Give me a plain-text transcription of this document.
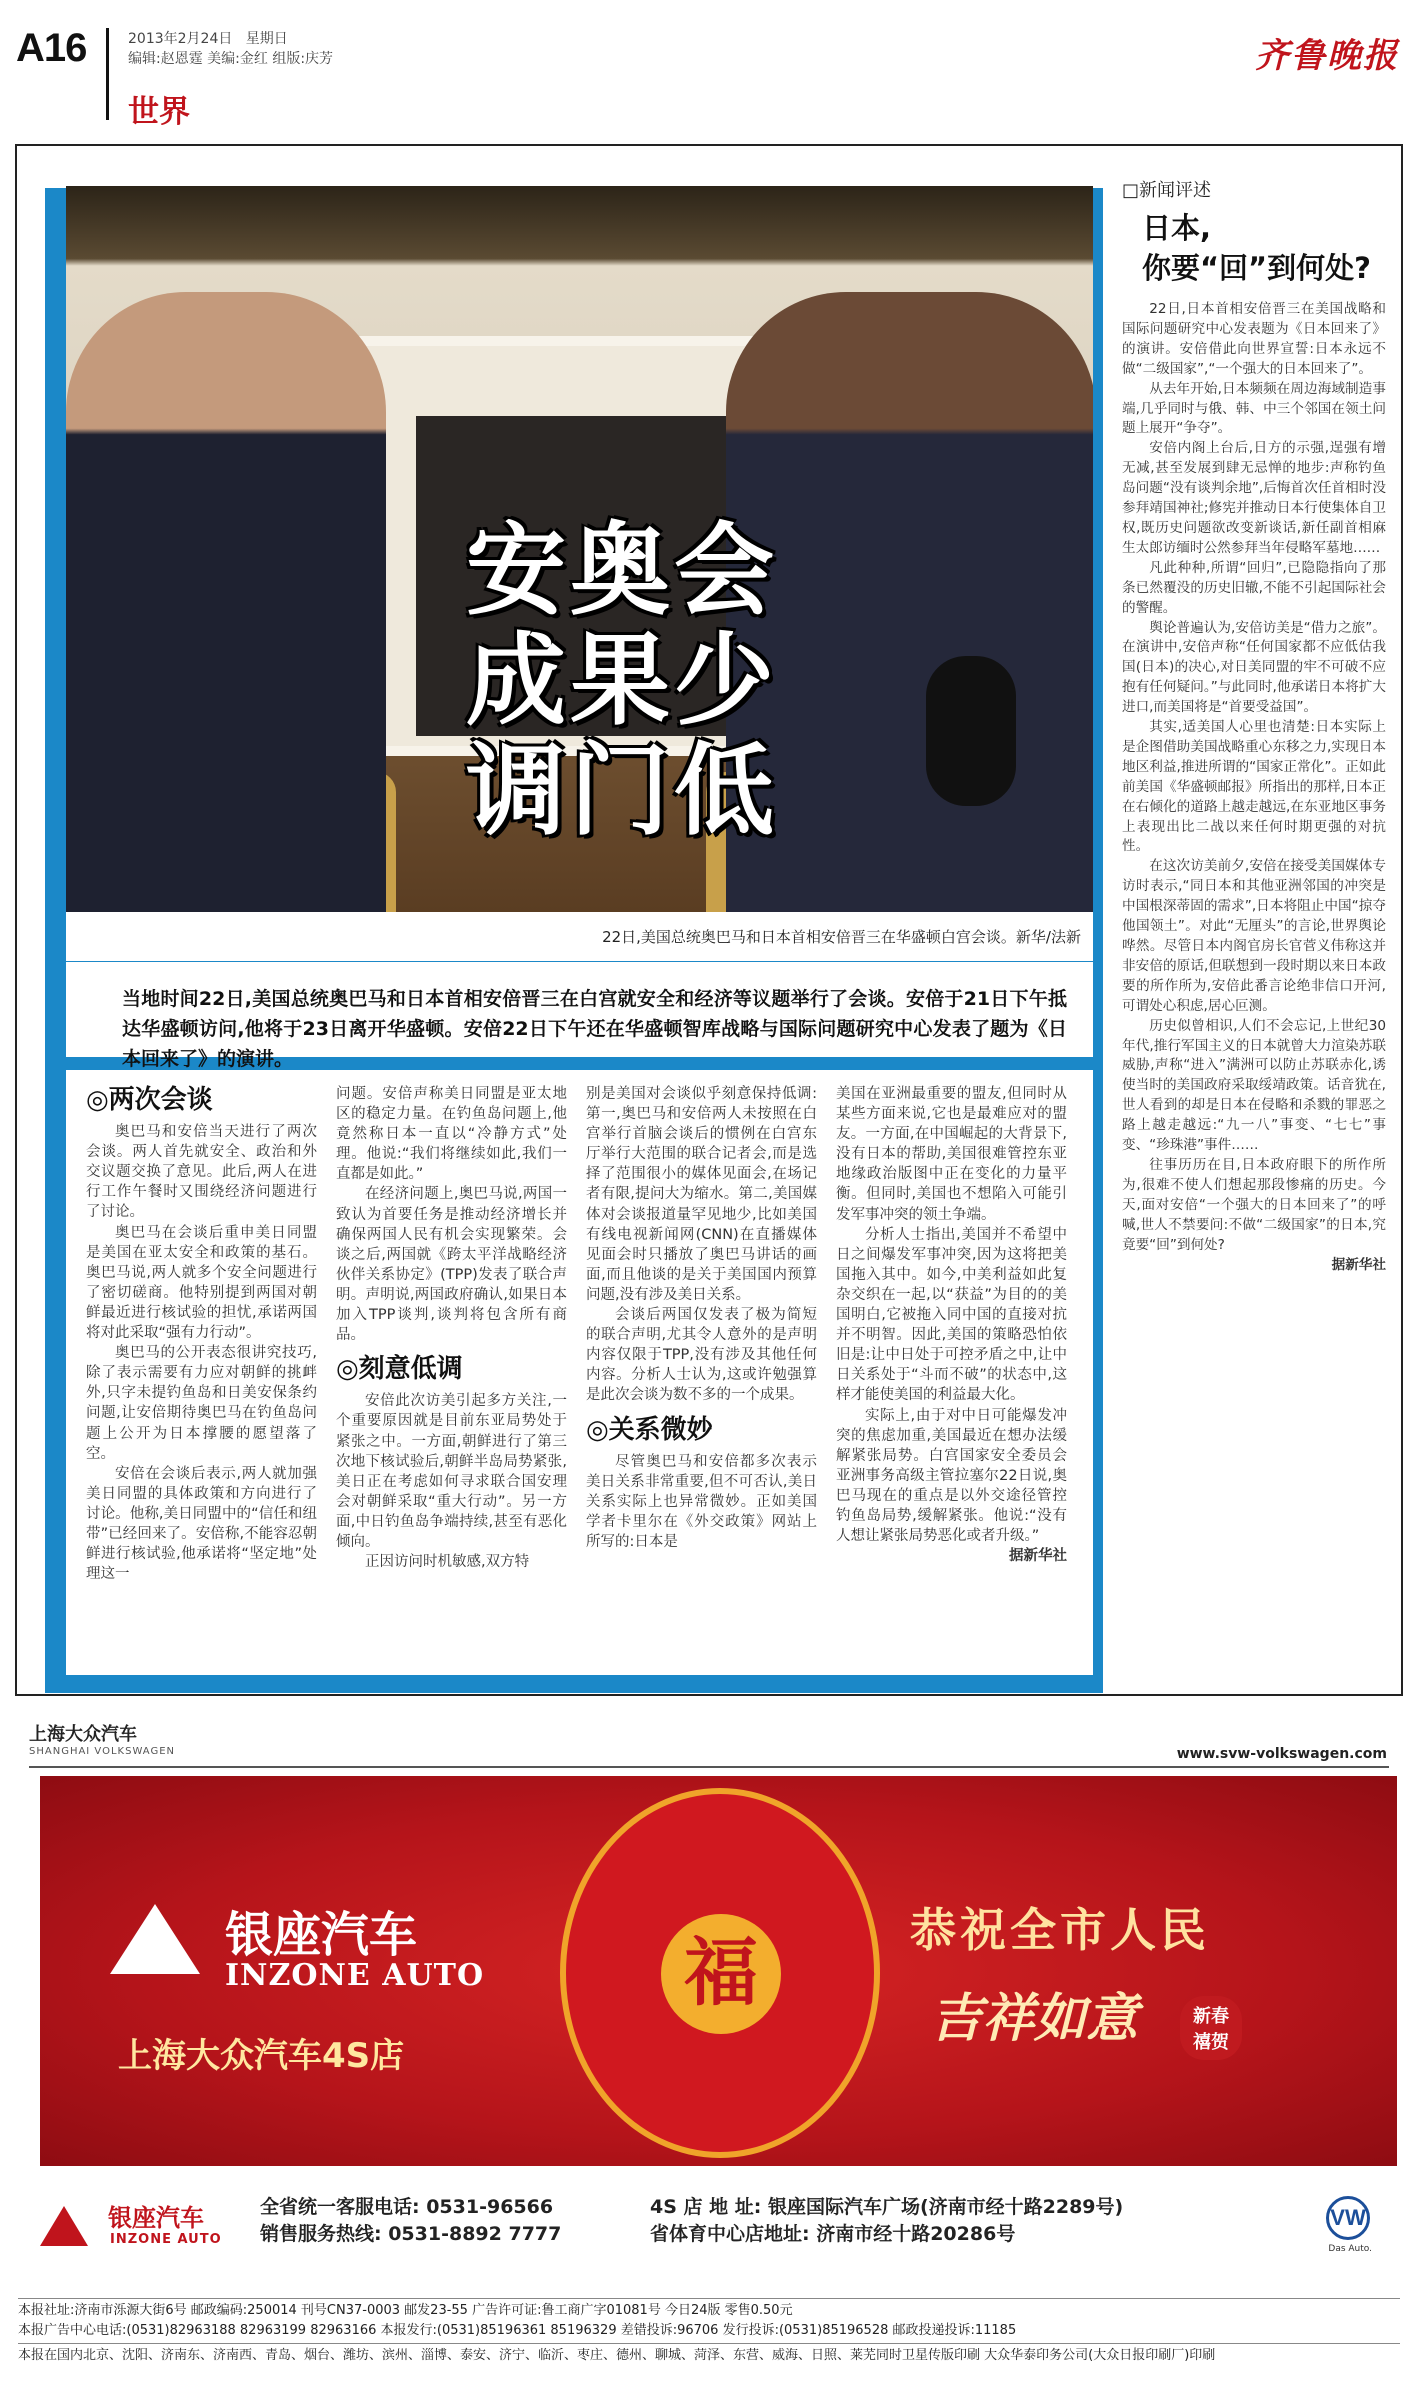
A16	2013年2月24日 星期日
编辑:赵恩霆 美编:金红 组版:庆芳
世界
齐鲁晚报
安奥会
成果少
调门低
22日,美国总统奥巴马和日本首相安倍晋三在华盛顿白宫会谈。新华/法新
当地时间22日,美国总统奥巴马和日本首相安倍晋三在白宫就安全和经济等议题举行了会谈。安倍于21日下午抵达华盛顿访问,他将于23日离开华盛顿。安倍22日下午还在华盛顿智库战略与国际问题研究中心发表了题为《日本回来了》的演讲。
◎两次会谈

奥巴马和安倍当天进行了两次会谈。两人首先就安全、政治和外交议题交换了意见。此后,两人在进行工作午餐时又围绕经济问题进行了讨论。

奥巴马在会谈后重申美日同盟是美国在亚太安全和政策的基石。奥巴马说,两人就多个安全问题进行了密切磋商。他特别提到两国对朝鲜最近进行核试验的担忧,承诺两国将对此采取“强有力行动”。

奥巴马的公开表态很讲究技巧,除了表示需要有力应对朝鲜的挑衅外,只字未提钓鱼岛和日美安保条约问题,让安倍期待奥巴马在钓鱼岛问题上公开为日本撑腰的愿望落了空。

安倍在会谈后表示,两人就加强美日同盟的具体政策和方向进行了讨论。他称,美日同盟中的“信任和纽带”已经回来了。安倍称,不能容忍朝鲜进行核试验,他承诺将“坚定地”处理这一

问题。安倍声称美日同盟是亚太地区的稳定力量。在钓鱼岛问题上,他竟然称日本一直以“冷静方式”处理。他说:“我们将继续如此,我们一直都是如此。”

在经济问题上,奥巴马说,两国一致认为首要任务是推动经济增长并确保两国人民有机会实现繁荣。会谈之后,两国就《跨太平洋战略经济伙伴关系协定》(TPP)发表了联合声明。声明说,两国政府确认,如果日本加入TPP谈判,谈判将包含所有商品。

◎刻意低调

安倍此次访美引起多方关注,一个重要原因就是目前东亚局势处于紧张之中。一方面,朝鲜进行了第三次地下核试验后,朝鲜半岛局势紧张,美日正在考虑如何寻求联合国安理会对朝鲜采取“重大行动”。另一方面,中日钓鱼岛争端持续,甚至有恶化倾向。

正因访问时机敏感,双方特

别是美国对会谈似乎刻意保持低调:第一,奥巴马和安倍两人未按照在白宫举行首脑会谈后的惯例在白宫东厅举行大范围的联合记者会,而是选择了范围很小的媒体见面会,在场记者有限,提问大为缩水。第二,美国媒体对会谈报道量罕见地少,比如美国有线电视新闻网(CNN)在直播媒体见面会时只播放了奥巴马讲话的画面,而且他谈的是关于美国国内预算问题,没有涉及美日关系。

会谈后两国仅发表了极为简短的联合声明,尤其令人意外的是声明内容仅限于TPP,没有涉及其他任何内容。分析人士认为,这或许勉强算是此次会谈为数不多的一个成果。

◎关系微妙

尽管奥巴马和安倍都多次表示美日关系非常重要,但不可否认,美日关系实际上也异常微妙。正如美国学者卡里尔在《外交政策》网站上所写的:日本是

美国在亚洲最重要的盟友,但同时从某些方面来说,它也是最难应对的盟友。一方面,在中国崛起的大背景下,没有日本的帮助,美国很难管控东亚地缘政治版图中正在变化的力量平衡。但同时,美国也不想陷入可能引发军事冲突的领土争端。

分析人士指出,美国并不希望中日之间爆发军事冲突,因为这将把美国拖入其中。如今,中美利益如此复杂交织在一起,以“获益”为目的的美国明白,它被拖入同中国的直接对抗并不明智。因此,美国的策略恐怕依旧是:让中日处于可控矛盾之中,让中日关系处于“斗而不破”的状态中,这样才能使美国的利益最大化。

实际上,由于对中日可能爆发冲突的焦虑加重,美国最近在想办法缓解紧张局势。白宫国家安全委员会亚洲事务高级主管拉塞尔22日说,奥巴马现在的重点是以外交途径管控钓鱼岛局势,缓解紧张。他说:“没有人想让紧张局势恶化或者升级。”

据新华社

□新闻评述
日本,
你要“回”到何处?

22日,日本首相安倍晋三在美国战略和国际问题研究中心发表题为《日本回来了》的演讲。安倍借此向世界宣誓:日本永远不做“二级国家”,“一个强大的日本回来了”。

从去年开始,日本频频在周边海域制造事端,几乎同时与俄、韩、中三个邻国在领土问题上展开“争夺”。

安倍内阁上台后,日方的示强,逞强有增无减,甚至发展到肆无忌惮的地步:声称钓鱼岛问题“没有谈判余地”,后悔首次任首相时没参拜靖国神社;修宪并推动日本行使集体自卫权,既历史问题欲改变新谈话,新任副首相麻生太郎访缅时公然参拜当年侵略军墓地……

凡此种种,所谓“回归”,已隐隐指向了那条已然覆没的历史旧辙,不能不引起国际社会的警醒。

舆论普遍认为,安倍访美是“借力之旅”。在演讲中,安倍声称“任何国家都不应低估我国(日本)的决心,对日美同盟的牢不可破不应抱有任何疑问。”与此同时,他承诺日本将扩大进口,而美国将是“首要受益国”。

其实,适美国人心里也清楚:日本实际上是企图借助美国战略重心东移之力,实现日本地区利益,推进所谓的“国家正常化”。正如此前美国《华盛顿邮报》所指出的那样,日本正在右倾化的道路上越走越远,在东亚地区事务上表现出比二战以来任何时期更强的对抗性。

在这次访美前夕,安倍在接受美国媒体专访时表示,“同日本和其他亚洲邻国的冲突是中国根深蒂固的需求”,日本将阻止中国“掠夺他国领土”。对此“无厘头”的言论,世界舆论哗然。尽管日本内阁官房长官菅义伟称这并非安倍的原话,但联想到一段时期以来日本政要的所作所为,安倍此番言论绝非信口开河,可谓处心积虑,居心叵测。

历史似曾相识,人们不会忘记,上世纪30年代,推行军国主义的日本就曾大力渲染苏联威胁,声称“进入”满洲可以防止苏联赤化,诱使当时的美国政府采取绥靖政策。话音犹在,世人看到的却是日本在侵略和杀戮的罪恶之路上越走越远:“九一八”事变、“七七”事变、“珍珠港”事件……

往事历历在目,日本政府眼下的所作所为,很难不使人们想起那段惨痛的历史。今天,面对安倍“一个强大的日本回来了”的呼喊,世人不禁要问:不做“二级国家”的日本,究竟要“回”到何处?

据新华社

上海大众汽车
SHANGHAI VOLKSWAGEN	www.svw-volkswagen.com
银座汽车
INZONE AUTO
上海大众汽车4S店
福	恭祝全市人民
吉祥如意	新春禧贺
银座汽车
INZONE AUTO
全省统一客服电话: 0531-96566
销售服务热线: 0531-8892 7777
4S 店 地 址: 银座国际汽车广场(济南市经十路2289号)
省体育中心店地址: 济南市经十路20286号
VW
Das Auto.
本报社址:济南市泺源大街6号 邮政编码:250014 刊号CN37-0003 邮发23-55 广告许可证:鲁工商广字01081号 今日24版 零售0.50元
本报广告中心电话:(0531)82963188 82963199 82963166 本报发行:(0531)85196361 85196329 差错投诉:96706 发行投诉:(0531)85196528 邮政投递投诉:11185
本报在国内北京、沈阳、济南东、济南西、青岛、烟台、潍坊、滨州、淄博、泰安、济宁、临沂、枣庄、德州、聊城、菏泽、东营、威海、日照、莱芜同时卫星传版印刷 大众华泰印务公司(大众日报印刷厂)印刷
